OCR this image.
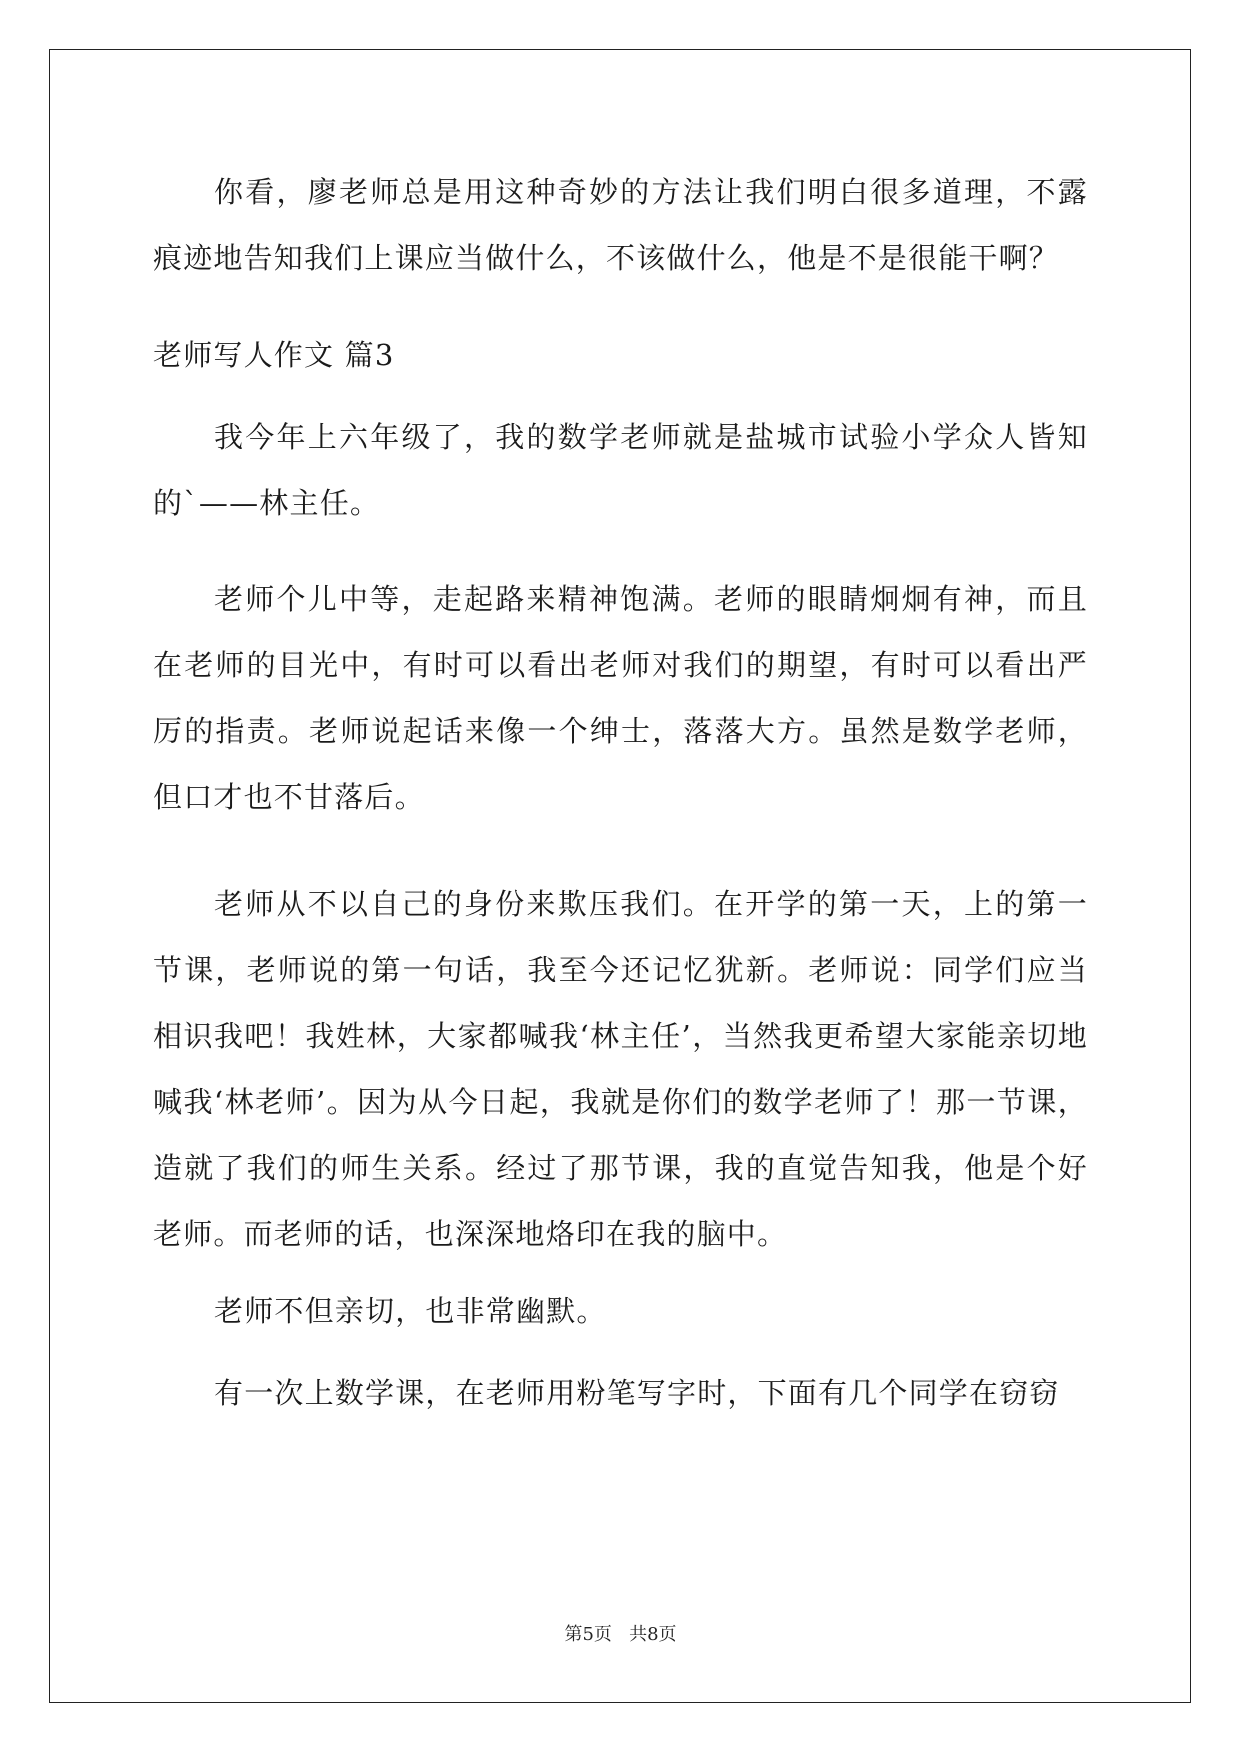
你看，廖老师总是用这种奇妙的方法让我们明白很多道理，不露痕迹地告知我们上课应当做什么，不该做什么，他是不是很能干啊？

老师写人作文 篇3

我今年上六年级了，我的数学老师就是盐城市试验小学众人皆知的`——林主任。

老师个儿中等，走起路来精神饱满。老师的眼睛炯炯有神，而且在老师的目光中，有时可以看出老师对我们的期望，有时可以看出严厉的指责。老师说起话来像一个绅士，落落大方。虽然是数学老师，但口才也不甘落后。

老师从不以自己的身份来欺压我们。在开学的第一天，上的第一节课，老师说的第一句话，我至今还记忆犹新。老师说：同学们应当相识我吧！我姓林，大家都喊我‘林主任’，当然我更希望大家能亲切地喊我‘林老师’。因为从今日起，我就是你们的数学老师了！那一节课，造就了我们的师生关系。经过了那节课，我的直觉告知我，他是个好老师。而老师的话，也深深地烙印在我的脑中。

老师不但亲切，也非常幽默。

有一次上数学课，在老师用粉笔写字时，下面有几个同学在窃窃

第5页   共8页
